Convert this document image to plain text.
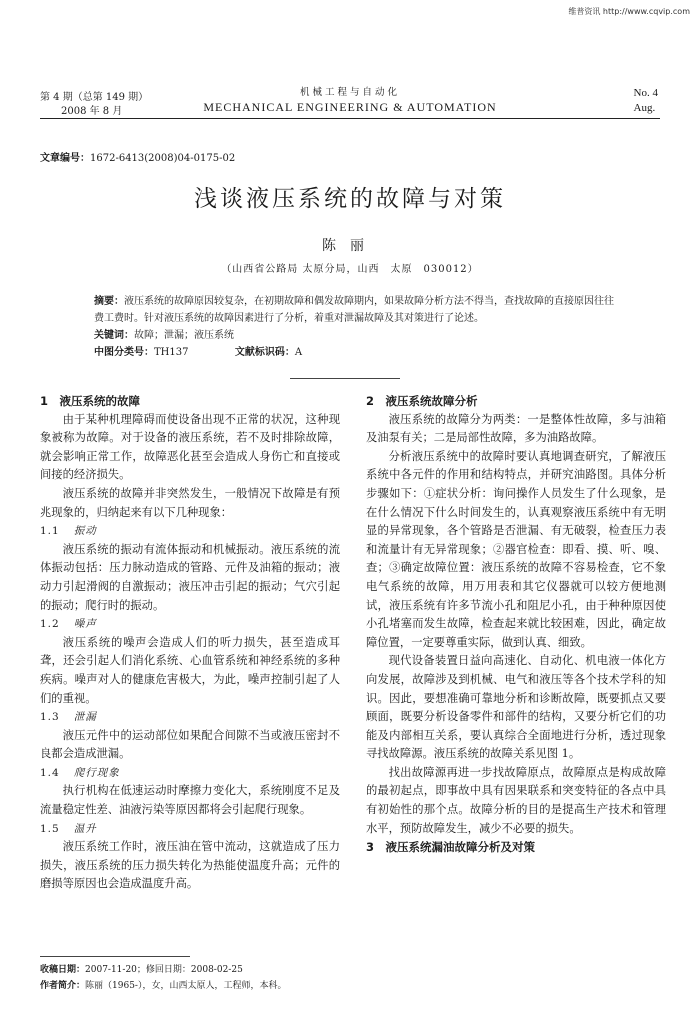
维普资讯 http://www.cqvip.com
第 4 期（总第 149 期）
2008 年 8 月
机械工程与自动化
MECHANICAL ENGINEERING & AUTOMATION
No. 4
Aug.
文章编号：1672-6413(2008)04-0175-02
浅谈液压系统的故障与对策
陈丽
（山西省公路局 太原分局，山西　太原　030012）
摘要：液压系统的故障原因较复杂，在初期故障和偶发故障期内，如果故障分析方法不得当，查找故障的直接原因往往费工费时。针对液压系统的故障因素进行了分析，着重对泄漏故障及其对策进行了论述。
关键词：故障；泄漏；液压系统
中图分类号：TH137	文献标识码：A
1　液压系统的故障

由于某种机理障碍而使设备出现不正常的状况，这种现象被称为故障。对于设备的液压系统，若不及时排除故障，就会影响正常工作，故障恶化甚至会造成人身伤亡和直接或间接的经济损失。

液压系统的故障并非突然发生，一般情况下故障是有预兆现象的，归纳起来有以下几种现象：

1.1 振动

液压系统的振动有流体振动和机械振动。液压系统的流体振动包括：压力脉动造成的管路、元件及油箱的振动；液动力引起滑阀的自激振动；液压冲击引起的振动；气穴引起的振动；爬行时的振动。

1.2 噪声

液压系统的噪声会造成人们的听力损失，甚至造成耳聋，还会引起人们消化系统、心血管系统和神经系统的多种疾病。噪声对人的健康危害极大，为此，噪声控制引起了人们的重视。

1.3 泄漏

液压元件中的运动部位如果配合间隙不当或液压密封不良都会造成泄漏。

1.4 爬行现象

执行机构在低速运动时摩擦力变化大，系统刚度不足及流量稳定性差、油液污染等原因都将会引起爬行现象。

1.5 温升

液压系统工作时，液压油在管中流动，这就造成了压力损失，液压系统的压力损失转化为热能使温度升高；元件的磨损等原因也会造成温度升高。

2　液压系统故障分析

液压系统的故障分为两类：一是整体性故障，多与油箱及油泵有关；二是局部性故障，多为油路故障。

分析液压系统中的故障时要认真地调查研究，了解液压系统中各元件的作用和结构特点，并研究油路图。具体分析步骤如下：①症状分析：询问操作人员发生了什么现象，是在什么情况下什么时间发生的，认真观察液压系统中有无明显的异常现象，各个管路是否泄漏、有无破裂，检查压力表和流量计有无异常现象；②器官检查：即看、摸、听、嗅、查；③确定故障位置：液压系统的故障不容易检查，它不象电气系统的故障，用万用表和其它仪器就可以较方便地测试，液压系统有许多节流小孔和阻尼小孔，由于种种原因使小孔堵塞而发生故障，检查起来就比较困难，因此，确定故障位置，一定要尊重实际，做到认真、细致。

现代设备装置日益向高速化、自动化、机电液一体化方向发展，故障涉及到机械、电气和液压等各个技术学科的知识。因此，要想准确可靠地分析和诊断故障，既要抓点又要顾面，既要分析设备零件和部件的结构，又要分析它们的功能及内部相互关系，要认真综合全面地进行分析，透过现象寻找故障源。液压系统的故障关系见图 1。

找出故障源再进一步找故障原点，故障原点是构成故障的最初起点，即事故中具有因果联系和突变特征的各点中具有初始性的那个点。故障分析的目的是提高生产技术和管理水平，预防故障发生，减少不必要的损失。

3　液压系统漏油故障分析及对策
收稿日期：2007-11-20；修回日期：2008-02-25
作者简介：陈丽（1965-），女，山西太原人，工程师，本科。
